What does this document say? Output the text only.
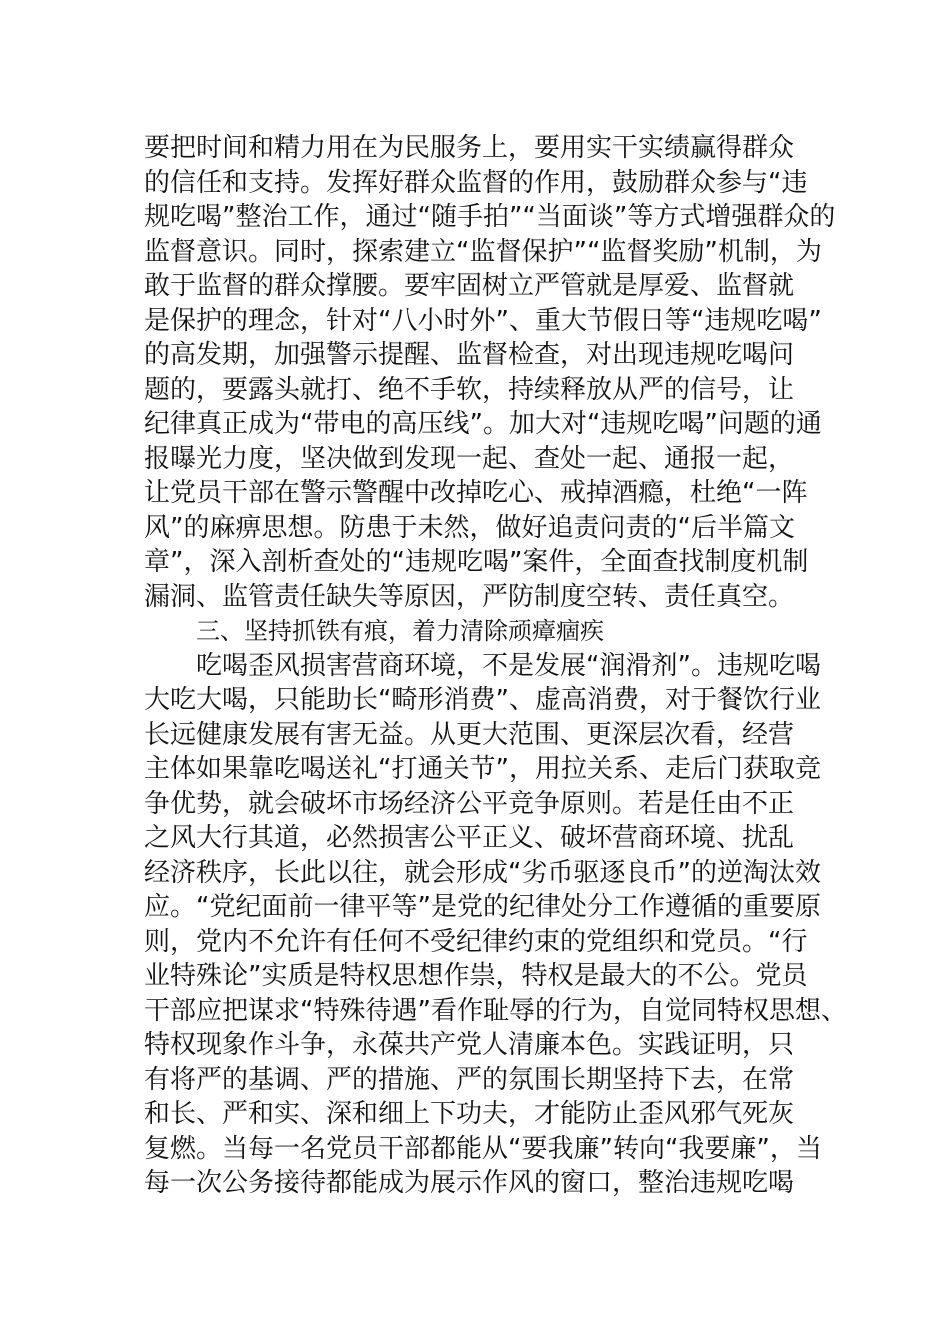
要把时间和精力用在为民服务上，要用实干实绩赢得群众
的信任和支持。发挥好群众监督的作用，鼓励群众参与“违
规吃喝”整治工作，通过“随手拍”“当面谈”等方式增强群众的
监督意识。同时，探索建立“监督保护”“监督奖励”机制，为
敢于监督的群众撑腰。要牢固树立严管就是厚爱、监督就
是保护的理念，针对“八小时外”、重大节假日等“违规吃喝”
的高发期，加强警示提醒、监督检查，对出现违规吃喝问
题的，要露头就打、绝不手软，持续释放从严的信号，让
纪律真正成为“带电的高压线”。加大对“违规吃喝”问题的通
报曝光力度，坚决做到发现一起、查处一起、通报一起，
让党员干部在警示警醒中改掉吃心、戒掉酒瘾，杜绝“一阵
风”的麻痹思想。防患于未然，做好追责问责的“后半篇文
章”，深入剖析查处的“违规吃喝”案件，全面查找制度机制
漏洞、监管责任缺失等原因，严防制度空转、责任真空。
三、坚持抓铁有痕，着力清除顽瘴痼疾
吃喝歪风损害营商环境，不是发展“润滑剂”。违规吃喝
大吃大喝，只能助长“畸形消费”、虚高消费，对于餐饮行业
长远健康发展有害无益。从更大范围、更深层次看，经营
主体如果靠吃喝送礼“打通关节”，用拉关系、走后门获取竞
争优势，就会破坏市场经济公平竞争原则。若是任由不正
之风大行其道，必然损害公平正义、破坏营商环境、扰乱
经济秩序，长此以往，就会形成“劣币驱逐良币”的逆淘汰效
应。“党纪面前一律平等”是党的纪律处分工作遵循的重要原
则，党内不允许有任何不受纪律约束的党组织和党员。“行
业特殊论”实质是特权思想作祟，特权是最大的不公。党员
干部应把谋求“特殊待遇”看作耻辱的行为，自觉同特权思想、
特权现象作斗争，永葆共产党人清廉本色。实践证明，只
有将严的基调、严的措施、严的氛围长期坚持下去，在常
和长、严和实、深和细上下功夫，才能防止歪风邪气死灰
复燃。当每一名党员干部都能从“要我廉”转向“我要廉”，当
每一次公务接待都能成为展示作风的窗口，整治违规吃喝
